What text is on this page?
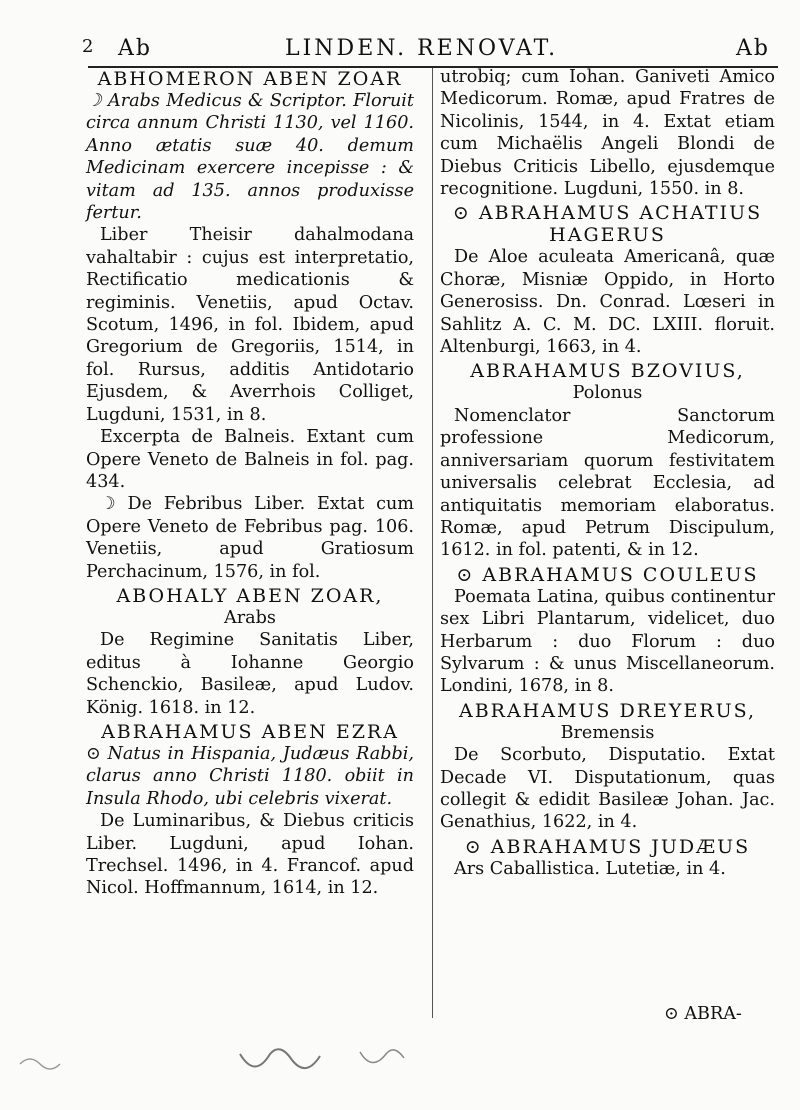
2 Ab	LINDEN. RENOVAT.	Ab
ABHOMERON ABEN ZOAR

☽ Arabs Medicus & Scriptor. Floruit circa annum Christi 1130, vel 1160. Anno ætatis suæ 40. demum Medicinam exercere incepisse : & vitam ad 135. annos produxisse fertur.

Liber Theisir dahalmodana vahaltabir : cujus est interpretatio, Rectificatio medicationis & regiminis. Venetiis, apud Octav. Scotum, 1496, in fol. Ibidem, apud Gregorium de Gregoriis, 1514, in fol. Rursus, additis Antidotario Ejusdem, & Averrhois Colliget, Lugduni, 1531, in 8.

Excerpta de Balneis. Extant cum Opere Veneto de Balneis in fol. pag. 434.

☽ De Febribus Liber. Extat cum Opere Veneto de Febribus pag. 106. Venetiis, apud Gratiosum Perchacinum, 1576, in fol.

ABOHALY ABEN ZOAR,
Arabs

De Regimine Sanitatis Liber, editus à Iohanne Georgio Schenckio, Basileæ, apud Ludov. König. 1618. in 12.

ABRAHAMUS ABEN EZRA

⊙ Natus in Hispania, Judæus Rabbi, clarus anno Christi 1180. obiit in Insula Rhodo, ubi celebris vixerat.

De Luminaribus, & Diebus criticis Liber. Lugduni, apud Iohan. Trechsel. 1496, in 4. Francof. apud Nicol. Hoffmannum, 1614, in 12.

utrobiq; cum Iohan. Ganiveti Amico Medicorum. Romæ, apud Fratres de Nicolinis, 1544, in 4. Extat etiam cum Michaëlis Angeli Blondi de Diebus Criticis Libello, ejusdemque recognitione. Lugduni, 1550. in 8.

⊙ ABRAHAMUS ACHATIUS HAGERUS

De Aloe aculeata Americanâ, quæ Choræ, Misniæ Oppido, in Horto Generosiss. Dn. Conrad. Lœseri in Sahlitz A. C. M. DC. LXIII. floruit. Altenburgi, 1663, in 4.

ABRAHAMUS BZOVIUS,
Polonus

Nomenclator Sanctorum professione Medicorum, anniversariam quorum festivitatem universalis celebrat Ecclesia, ad antiquitatis memoriam elaboratus. Romæ, apud Petrum Discipulum, 1612. in fol. patenti, & in 12.

⊙ ABRAHAMUS COULEUS

Poemata Latina, quibus continentur sex Libri Plantarum, videlicet, duo Herbarum : duo Florum : duo Sylvarum : & unus Miscellaneorum. Londini, 1678, in 8.

ABRAHAMUS DREYERUS,
Bremensis

De Scorbuto, Disputatio. Extat Decade VI. Disputationum, quas collegit & edidit Basileæ Johan. Jac. Genathius, 1622, in 4.

⊙ ABRAHAMUS JUDÆUS

Ars Caballistica. Lutetiæ, in 4.

⊙ ABRA-
